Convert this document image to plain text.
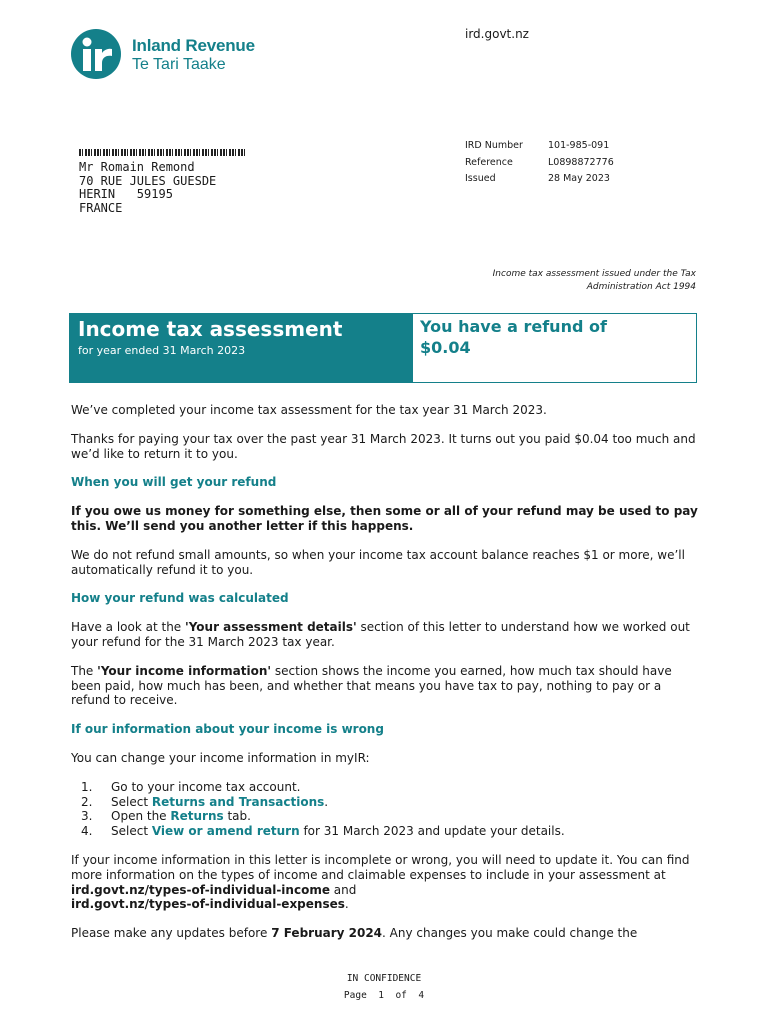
Inland Revenue
Te Tari Taake
ird.govt.nz
Mr Romain Remond
70 RUE JULES GUESDE
HERIN   59195
FRANCE
IRD Number	101-985-091
Reference	L0898872776
Issued	28 May 2023
Income tax assessment issued under the Tax Administration Act 1994
Income tax assessment
for year ended 31 March 2023
You have a refund of
$0.04

We’ve completed your income tax assessment for the tax year 31 March 2023.

Thanks for paying your tax over the past year 31 March 2023. It turns out you paid $0.04 too much and we’d like to return it to you.

When you will get your refund

If you owe us money for something else, then some or all of your refund may be used to pay this. We’ll send you another letter if this happens.

We do not refund small amounts, so when your income tax account balance reaches $1 or more, we’ll automatically refund it to you.

How your refund was calculated

Have a look at the 'Your assessment details' section of this letter to understand how we worked out your refund for the 31 March 2023 tax year.

The 'Your income information' section shows the income you earned, how much tax should have been paid, how much has been, and whether that means you have tax to pay, nothing to pay or a refund to receive.

If our information about your income is wrong

You can change your income information in myIR:

1.	Go to your income tax account.
2.	Select Returns and Transactions.
3.	Open the Returns tab.
4.	Select View or amend return for 31 March 2023 and update your details.

If your income information in this letter is incomplete or wrong, you will need to update it. You can find more information on the types of income and claimable expenses to include in your assessment at ird.govt.nz/types-of-individual-income and
ird.govt.nz/types-of-individual-expenses.

Please make any updates before 7 February 2024. Any changes you make could change the

IN CONFIDENCE
Page 1 of 4
